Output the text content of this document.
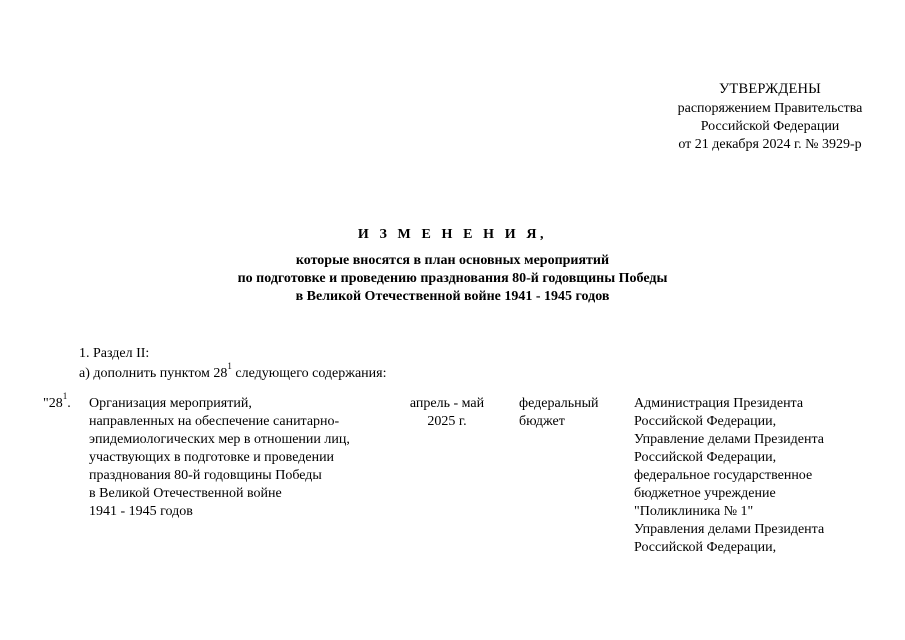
УТВЕРЖДЕНЫ
распоряжением Правительства
Российской Федерации
от 21 декабря 2024 г. № 3929-р
И З М Е Н Е Н И Я,
которые вносятся в план основных мероприятий
по подготовке и проведению празднования 80-й годовщины Победы
в Великой Отечественной войне 1941 - 1945 годов
1. Раздел II:
а) дополнить пунктом $28^1$ следующего содержания:
"$28^1$. Организация мероприятий,
направленных на обеспечение санитарно-
эпидемиологических мер в отношении лиц,
участвующих в подготовке и проведении
празднования 80-й годовщины Победы
в Великой Отечественной войне
1941 - 1945 годов
апрель - май
2025 г.
федеральный
бюджет
Администрация Президента
Российской Федерации,
Управление делами Президента
Российской Федерации,
федеральное государственное
бюджетное учреждение
"Поликлиника № 1"
Управления делами Президента
Российской Федерации,
